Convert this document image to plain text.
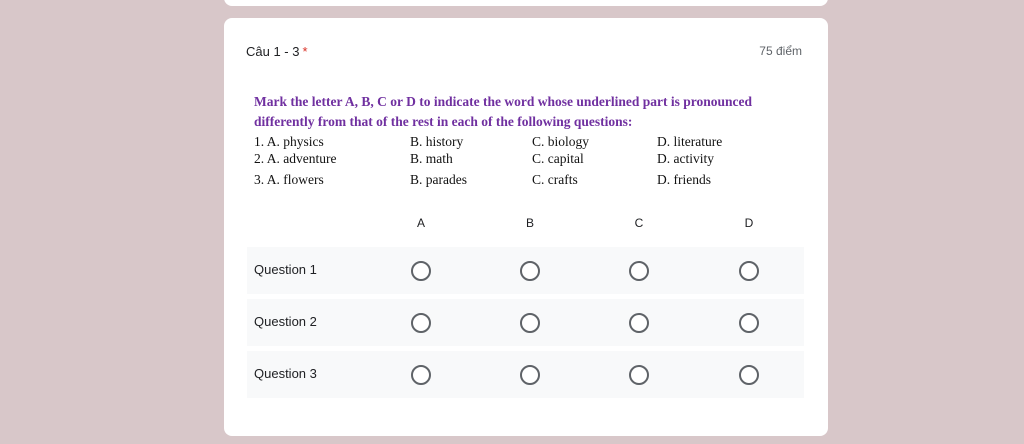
Câu 1 - 3 *	75 điểm
Mark the letter A, B, C or D to indicate the word whose underlined part is pronounced differently from that of the rest in each of the following questions:
1. A. physics	B. history	C. biology	D. literature
2. A. adventure	B. math	C. capital	D. activity
3. A. flowers	B. parades	C. crafts	D. friends
A	B	C	D
Question 1
Question 2
Question 3
